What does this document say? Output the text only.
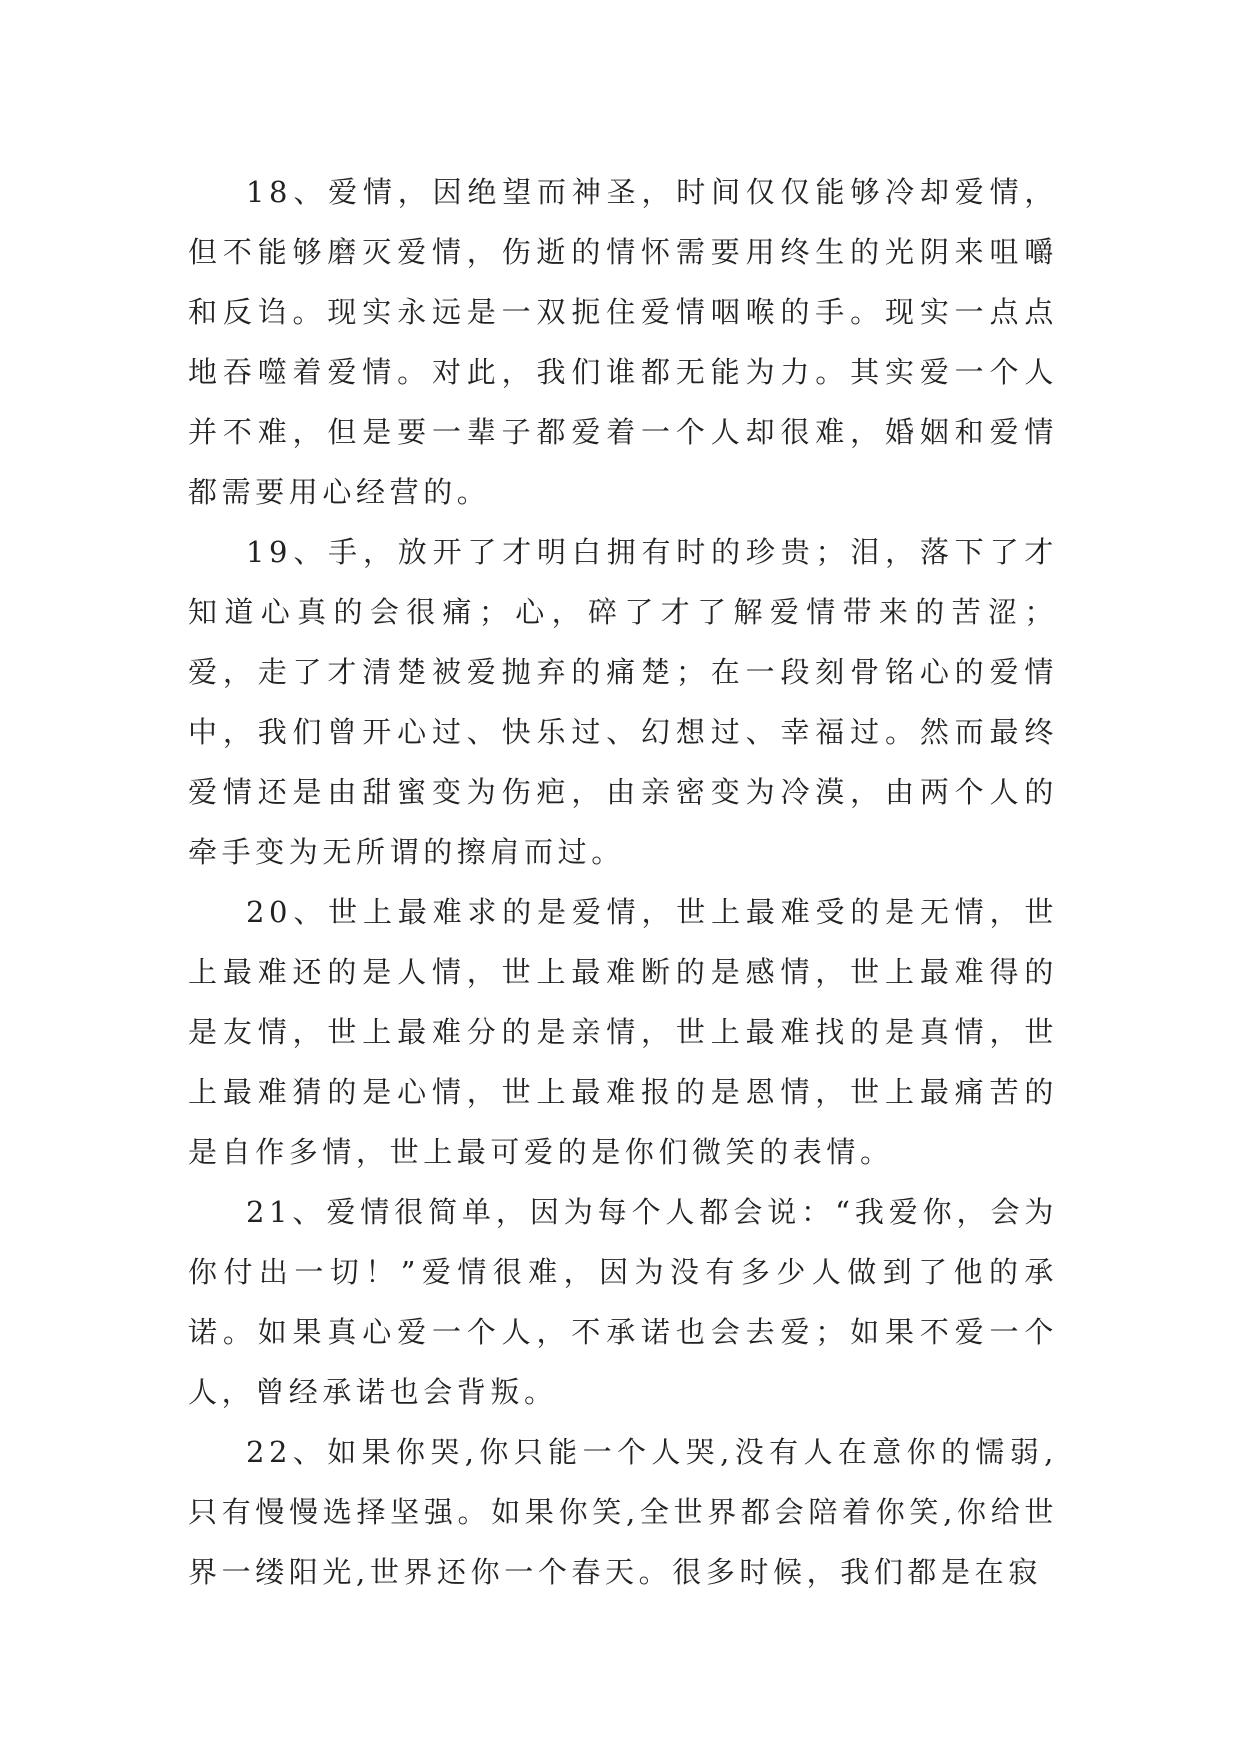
18、爱情，因绝望而神圣，时间仅仅能够冷却爱情，但不能够磨灭爱情，伤逝的情怀需要用终生的光阴来咀嚼和反诌。现实永远是一双扼住爱情咽喉的手。现实一点点地吞噬着爱情。对此，我们谁都无能为力。其实爱一个人并不难，但是要一辈子都爱着一个人却很难，婚姻和爱情都需要用心经营的。

19、手，放开了才明白拥有时的珍贵；泪，落下了才知道心真的会很痛；心，碎了才了解爱情带来的苦涩；爱，走了才清楚被爱抛弃的痛楚；在一段刻骨铭心的爱情中，我们曾开心过、快乐过、幻想过、幸福过。然而最终爱情还是由甜蜜变为伤疤，由亲密变为冷漠，由两个人的牵手变为无所谓的擦肩而过。

20、世上最难求的是爱情，世上最难受的是无情，世上最难还的是人情，世上最难断的是感情，世上最难得的是友情，世上最难分的是亲情，世上最难找的是真情，世上最难猜的是心情，世上最难报的是恩情，世上最痛苦的是自作多情，世上最可爱的是你们微笑的表情。

21、爱情很简单，因为每个人都会说：“我爱你，会为你付出一切！”爱情很难，因为没有多少人做到了他的承诺。如果真心爱一个人，不承诺也会去爱；如果不爱一个人，曾经承诺也会背叛。

22、如果你哭,你只能一个人哭,没有人在意你的懦弱,只有慢慢选择坚强。如果你笑,全世界都会陪着你笑,你给世界一缕阳光,世界还你一个春天。很多时候，我们都是在寂
